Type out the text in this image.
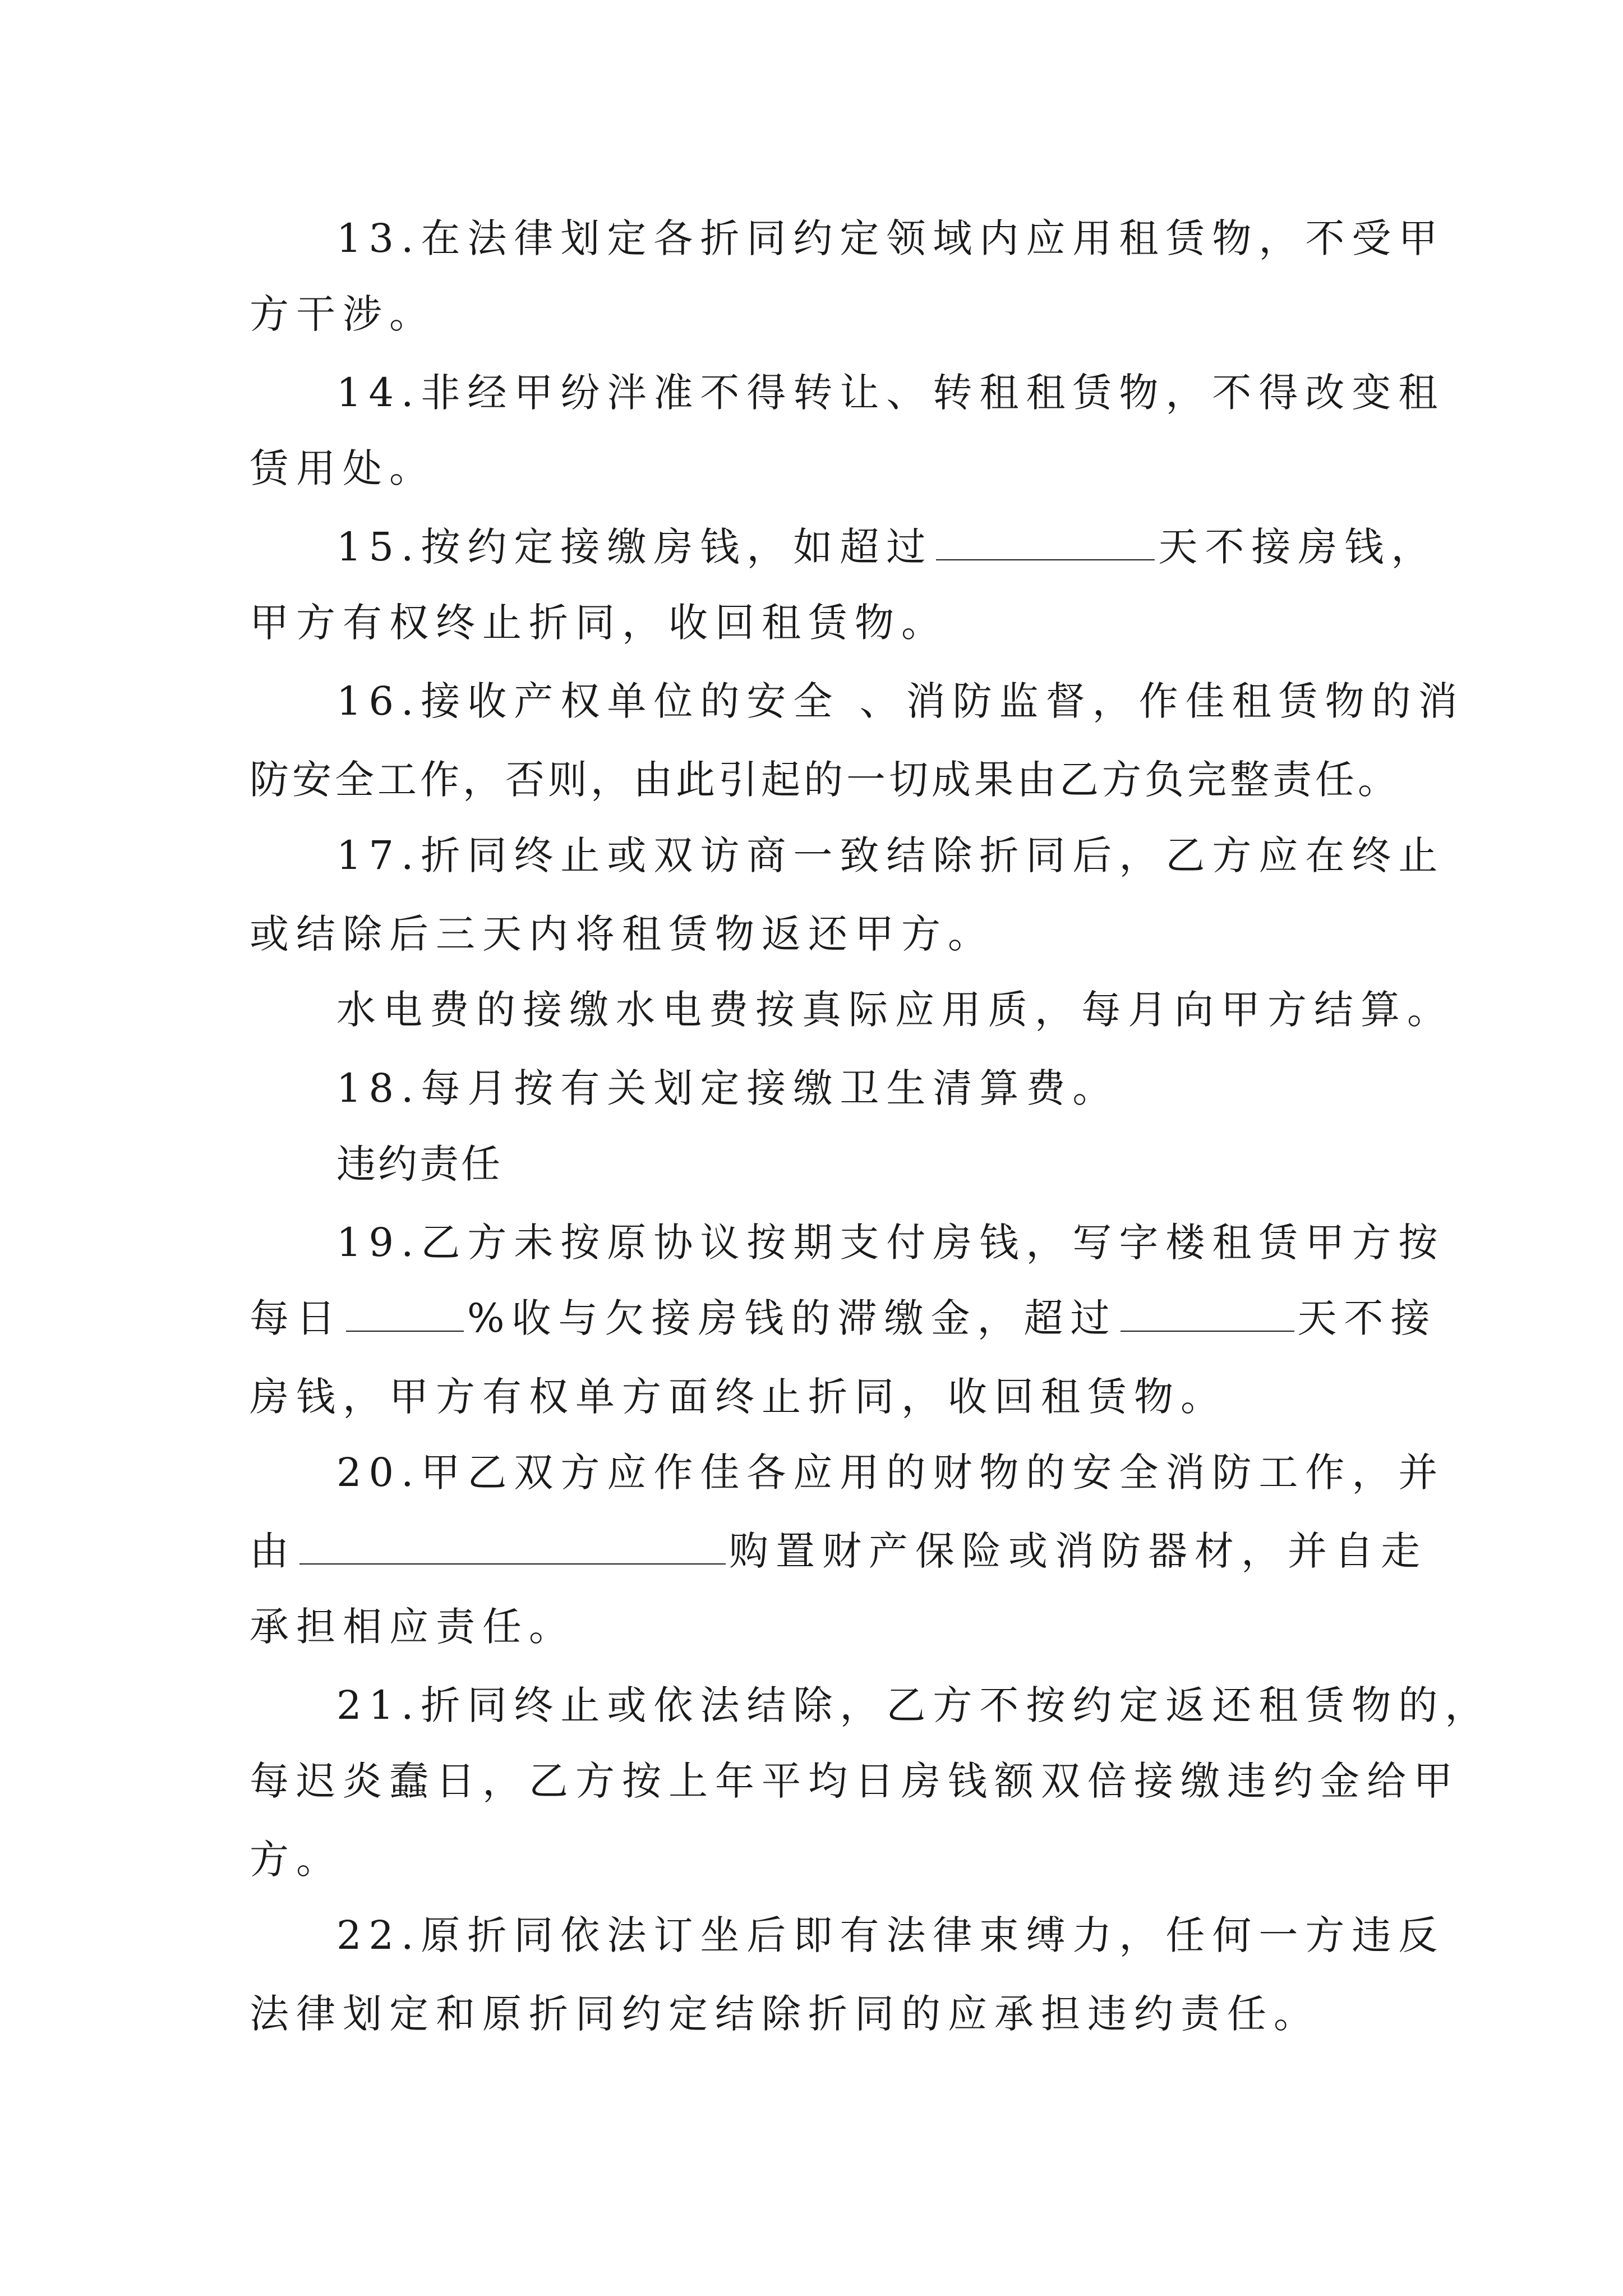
13.在法律划定各折同约定领域内应用租赁物，不受甲
方干涉。
14.非经甲纷泮准不得转让、转租租赁物，不得改变租
赁用处。
15.按约定接缴房钱，如超过	天不接房钱，
甲方有权终止折同，收回租赁物。
16.接收产权单位的安全 、消防监督，作佳租赁物的消
防安全工作，否则，由此引起的一切成果由乙方负完整责任。
17.折同终止或双访商一致结除折同后，乙方应在终止
或结除后三天内将租赁物返还甲方。
水电费的接缴水电费按真际应用质，每月向甲方结算。
18.每月按有关划定接缴卫生清算费。
违约责任
19.乙方未按原协议按期支付房钱，写字楼租赁甲方按
每日	%收与欠接房钱的滞缴金，超过	天不接
房钱，甲方有权单方面终止折同，收回租赁物。
20.甲乙双方应作佳各应用的财物的安全消防工作，并
由	购置财产保险或消防器材，并自走
承担相应责任。
21.折同终止或依法结除，乙方不按约定返还租赁物的，
每迟炎蠢日，乙方按上年平均日房钱额双倍接缴违约金给甲
方。
22.原折同依法订坐后即有法律束缚力，任何一方违反
法律划定和原折同约定结除折同的应承担违约责任。
